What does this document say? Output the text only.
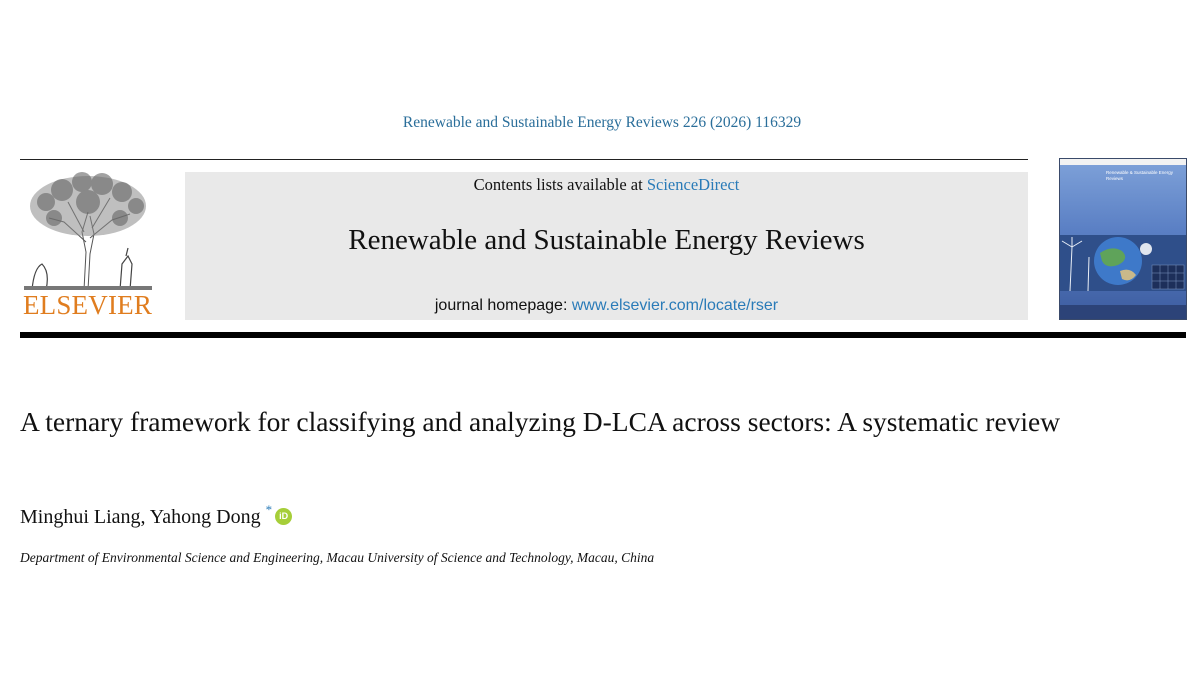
Renewable and Sustainable Energy Reviews 226 (2026) 116329
ELSEVIER
Contents lists available at ScienceDirect
Renewable and Sustainable Energy Reviews
journal homepage: www.elsevier.com/locate/rser
Renewable & Sustainable Energy Reviews
A ternary framework for classifying and analyzing D-LCA across sectors: A systematic review
Minghui Liang, Yahong Dong * iD
Department of Environmental Science and Engineering, Macau University of Science and Technology, Macau, China
